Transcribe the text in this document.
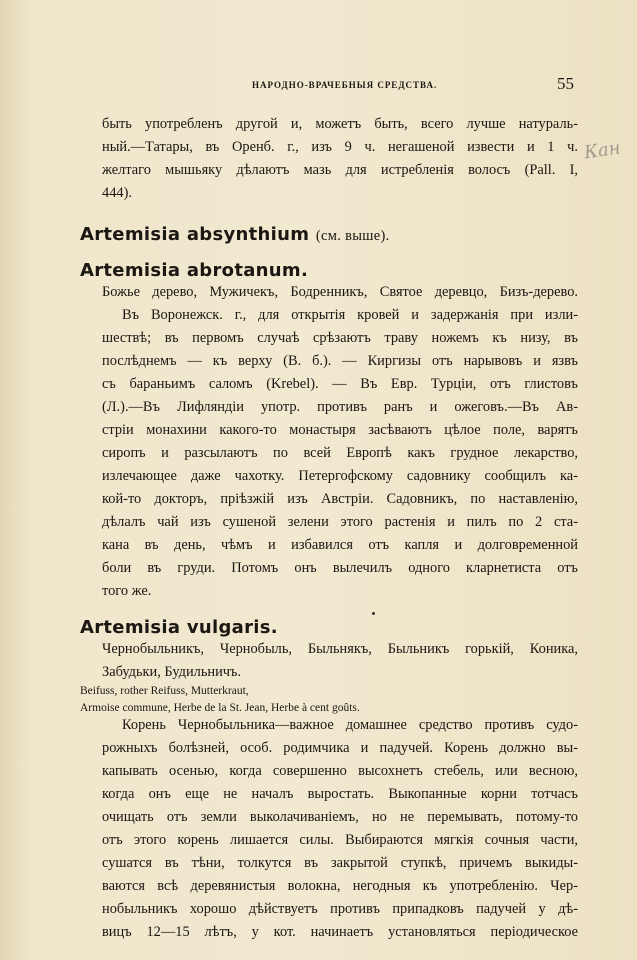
НАРОДНО-ВРАЧЕБНЫЯ СРЕДСТВА.	55
Кан
быть употребленъ другой и, можетъ быть, всего лучше натураль-
ный.—Татары, въ Оренб. г., изъ 9 ч. негашеной извести и 1 ч.
желтаго мышьяку дѣлаютъ мазь для истребленія волосъ (Pall. I,
444).
Artemisia absynthium (см. выше).
Artemisia abrotanum.
Божье дерево, Мужичекъ, Бодренникъ, Святое деревцо, Бизъ-дерево.
Въ Воронежск. г., для открытія кровей и задержанія при изли-
шествѣ; въ первомъ случаѣ срѣзаютъ траву ножемъ къ низу, въ
послѣднемъ — къ верху (В. б.). — Киргизы отъ нарывовъ и язвъ
съ бараньимъ саломъ (Krebel). — Въ Евр. Турціи, отъ глистовъ
(Л.).—Въ Лифляндіи употр. противъ ранъ и ожеговъ.—Въ Ав-
стріи монахини какого-то монастыря засѣваютъ цѣлое поле, варятъ
сиропъ и разсылаютъ по всей Европѣ какъ грудное лекарство,
излечающее даже чахотку. Петергофскому садовнику сообщилъ ка-
кой-то докторъ, пріѣзжій изъ Австріи. Садовникъ, по наставленію,
дѣлалъ чай изъ сушеной зелени этого растенія и пилъ по 2 ста-
кана въ день, чѣмъ и избавился отъ капля и долговременной
боли въ груди. Потомъ онъ вылечилъ одного кларнетиста отъ
того же.
Artemisia vulgaris.
Чернобыльникъ, Чернобыль, Быльнякъ, Быльникъ горькій, Коника,
Забудьки, Будильничъ.
Beifuss, rother Reifuss, Mutterkraut,
Armoise commune, Herbe de la St. Jean, Herbe à cent goûts.
Корень Чернобыльника—важное домашнее средство противъ судо-
рожныхъ болѣзней, особ. родимчика и падучей. Корень должно вы-
капывать осенью, когда совершенно высохнетъ стебель, или весною,
когда онъ еще не началъ выростать. Выкопанные корни тотчасъ
очищать отъ земли выколачиваніемъ, но не перемывать, потому-то
отъ этого корень лишается силы. Выбираются мягкія сочныя части,
сушатся въ тѣни, толкутся въ закрытой ступкѣ, причемъ выкиды-
ваются всѣ деревянистыя волокна, негодныя къ употребленію. Чер-
нобыльникъ хорошо дѣйствуетъ противъ припадковъ падучей у дѣ-
вицъ 12—15 лѣтъ, у кот. начинаетъ установляться періодическое
